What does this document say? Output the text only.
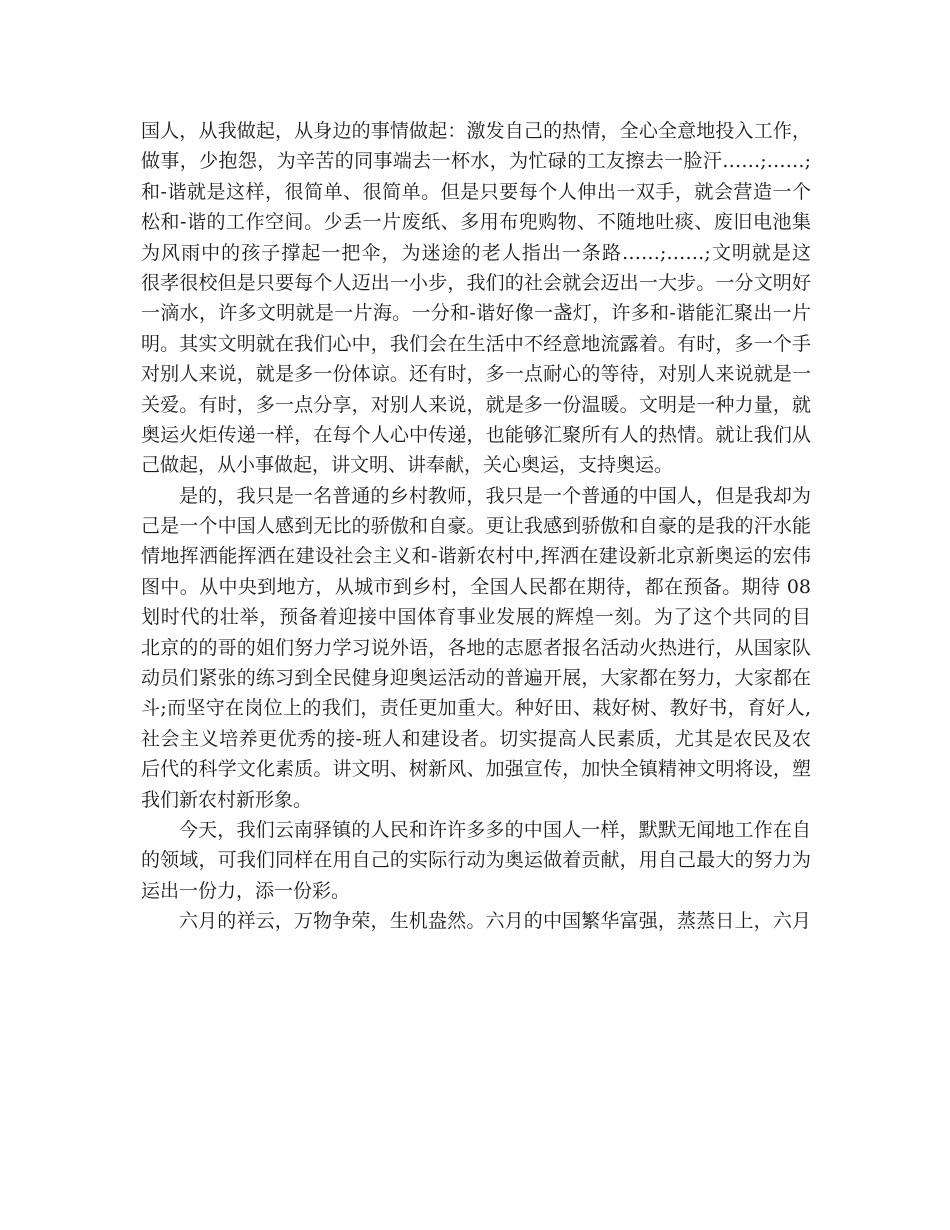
国人，从我做起，从身边的事情做起：激发自己的热情，全心全意地投入工作，
做事，少抱怨，为辛苦的同事端去一杯水，为忙碌的工友擦去一脸汗……;……;
和-谐就是这样，很简单、很简单。但是只要每个人伸出一双手，就会营造一个
松和-谐的工作空间。少丢一片废纸、多用布兜购物、不随地吐痰、废旧电池集
为风雨中的孩子撑起一把伞，为迷途的老人指出一条路……;……;文明就是这
很孝很校但是只要每个人迈出一小步，我们的社会就会迈出一大步。一分文明好
一滴水，许多文明就是一片海。一分和-谐好像一盏灯，许多和-谐能汇聚出一片
明。其实文明就在我们心中，我们会在生活中不经意地流露着。有时，多一个手
对别人来说，就是多一份体谅。还有时，多一点耐心的等待，对别人来说就是一
关爱。有时，多一点分享，对别人来说，就是多一份温暖。文明是一种力量，就
奥运火炬传递一样，在每个人心中传递，也能够汇聚所有人的热情。就让我们从
己做起，从小事做起，讲文明、讲奉献，关心奥运，支持奥运。
是的，我只是一名普通的乡村教师，我只是一个普通的中国人，但是我却为
己是一个中国人感到无比的骄傲和自豪。更让我感到骄傲和自豪的是我的汗水能
情地挥洒能挥洒在建设社会主义和-谐新农村中,挥洒在建设新北京新奥运的宏伟
图中。从中央到地方，从城市到乡村，全国人民都在期待，都在预备。期待 08
划时代的壮举，预备着迎接中国体育事业发展的辉煌一刻。为了这个共同的目
北京的的哥的姐们努力学习说外语，各地的志愿者报名活动火热进行，从国家队
动员们紧张的练习到全民健身迎奥运活动的普遍开展，大家都在努力，大家都在
斗;而坚守在岗位上的我们，责任更加重大。种好田、栽好树、教好书，育好人,
社会主义培养更优秀的接-班人和建设者。切实提高人民素质，尤其是农民及农
后代的科学文化素质。讲文明、树新风、加强宣传，加快全镇精神文明将设，塑
我们新农村新形象。
今天，我们云南驿镇的人民和许许多多的中国人一样，默默无闻地工作在自
的领域，可我们同样在用自己的实际行动为奥运做着贡献，用自己最大的努力为
运出一份力，添一份彩。
六月的祥云，万物争荣，生机盎然。六月的中国繁华富强，蒸蒸日上，六月
